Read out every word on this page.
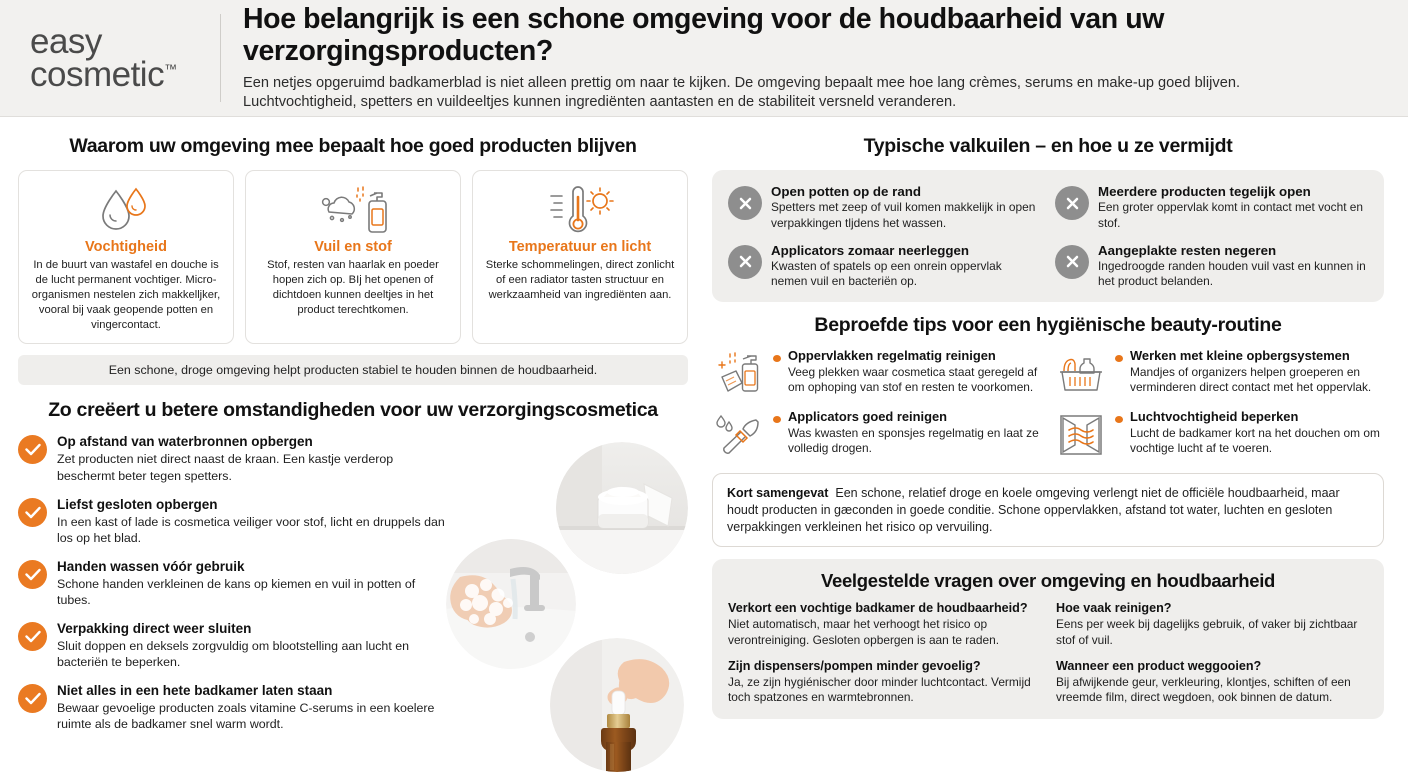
easy
cosmetic™
Hoe belangrijk is een schone omgeving voor de houdbaarheid van uw verzorgingsproducten?
Een netjes opgeruimd badkamerblad is niet alleen prettig om naar te kijken. De omgeving bepaalt mee hoe lang crèmes, serums en make-up goed blijven.
Luchtvochtigheid, spetters en vuildeeltjes kunnen ingrediënten aantasten en de stabiliteit versneld veranderen.
Waarom uw omgeving mee bepaalt hoe goed producten blijven
Vochtigheid
In de buurt van wastafel en douche is de lucht permanent vochtiger. Micro-organismen nestelen zich makkelljker, vooral bij vaak geopende potten en vingercontact.
Vuil en stof
Stof, resten van haarlak en poeder hopen zich op. BIj het openen of dichtdoen kunnen deeltjes in het product terechtkomen.
Temperatuur en licht
Sterke schommelingen, direct zonlicht of een radiator tasten structuur en werkzaamheid van ingrediënten aan.
Een schone, droge omgeving helpt producten stabiel te houden binnen de houdbaarheid.
Zo creëert u betere omstandigheden voor uw verzorgingscosmetica
Op afstand van waterbronnen opbergen
Zet producten niet direct naast de kraan. Een kastje verderop beschermt beter tegen spetters.
Liefst gesloten opbergen
In een kast of lade is cosmetica veiliger voor stof, licht en druppels dan los op het blad.
Handen wassen vóór gebruik
Schone handen verkleinen de kans op kiemen en vuil in potten of tubes.
Verpakking direct weer sluiten
Sluit doppen en deksels zorgvuldig om blootstelling aan lucht en bacteriën te beperken.
Niet alles in een hete badkamer laten staan
Bewaar gevoelige producten zoals vitamine C-serums in een koelere ruimte als de badkamer snel warm wordt.
Typische valkuilen – en hoe u ze vermijdt
Open potten op de rand
Spetters met zeep of vuil komen makkelijk in open verpakkingen tljdens het wassen.
Applicators zomaar neerleggen
Kwasten of spatels op een onrein oppervlak nemen vuil en bacteriën op.
Meerdere producten tegelijk open
Een groter oppervlak komt in contact met vocht en stof.
Aangeplakte resten negeren
Ingedroogde randen houden vuil vast en kunnen in het product belanden.
Beproefde tips voor een hygiënische beauty-routine
Oppervlakken regelmatig reinigen
Veeg plekken waar cosmetica staat geregeld af om ophoping van stof en resten te voorkomen.
Applicators goed reinigen
Was kwasten en sponsjes regelmatig en laat ze volledig drogen.
Werken met kleine opbergsystemen
Mandjes of organizers helpen groeperen en verminderen direct contact met het oppervlak.
Luchtvochtigheid beperken
Lucht de badkamer kort na het douchen om om vochtige lucht af te voeren.
Kort samengevat Een schone, relatief droge en koele omgeving verlengt niet de officiële houdbaarheid, maar houdt producten in gæconden in goede conditie. Schone oppervlakken, afstand tot water, luchten en gesloten verpakkingen verkleinen het risico op vervuiling.
Veelgestelde vragen over omgeving en houdbaarheid
Verkort een vochtige badkamer de houdbaarheid?
Niet automatisch, maar het verhoogt het risico op verontreiniging. Gesloten opbergen is aan te raden.
Zijn dispensers/pompen minder gevoelig?
Ja, ze zijn hygiénischer door minder luchtcontact. Vermijd toch spatzones en warmtebronnen.
Hoe vaak reinigen?
Eens per week bij dagelijks gebruik, of vaker bij zichtbaar stof of vuil.
Wanneer een product weggooien?
Bij afwijkende geur, verkleuring, klontjes, schiften of een vreemde film, direct wegdoen, ook binnen de datum.
